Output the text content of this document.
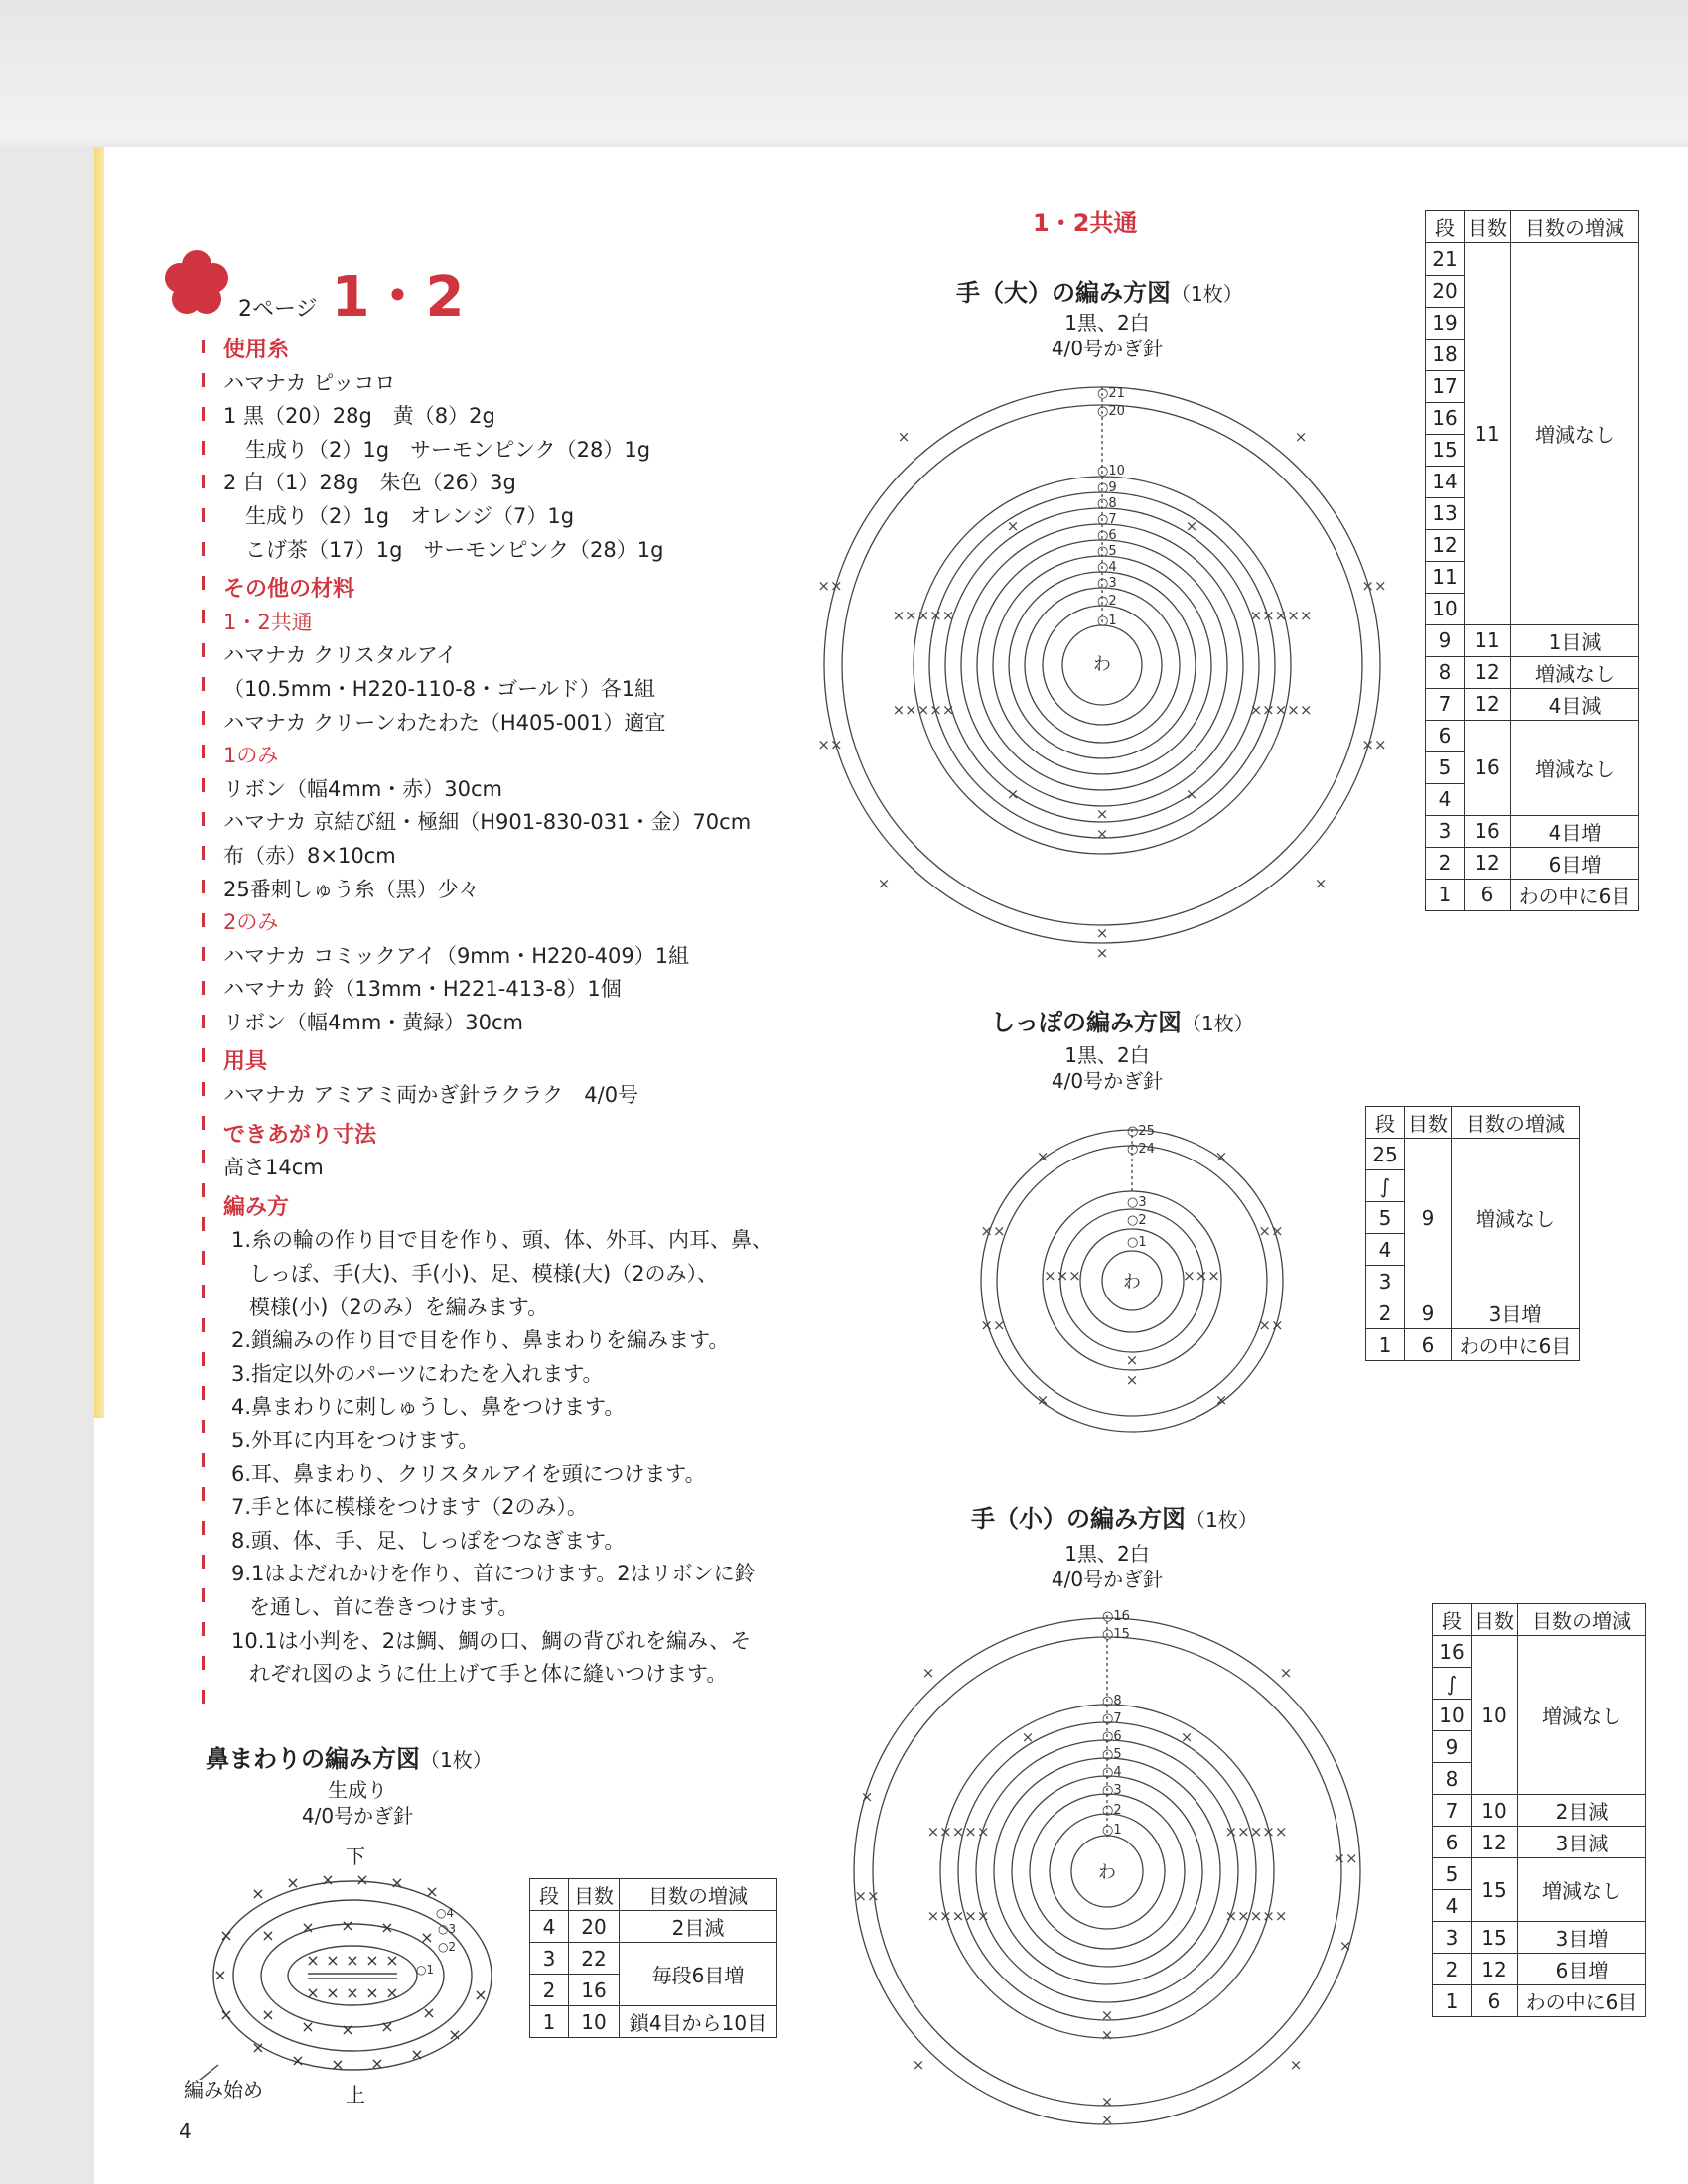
2ページ 1・2
使用糸
ハマナカ ピッコロ
1 黒（20）28g　黄（8）2g
生成り（2）1g　サーモンピンク（28）1g
2 白（1）28g　朱色（26）3g
生成り（2）1g　オレンジ（7）1g
こげ茶（17）1g　サーモンピンク（28）1g
その他の材料
1・2共通
ハマナカ クリスタルアイ
（10.5mm・H220-110-8・ゴールド）各1組
ハマナカ クリーンわたわた（H405-001）適宜
1のみ
リボン（幅4mm・赤）30cm
ハマナカ 京結び紐・極細（H901-830-031・金）70cm
布（赤）8×10cm
25番刺しゅう糸（黒）少々
2のみ
ハマナカ コミックアイ（9mm・H220-409）1組
ハマナカ 鈴（13mm・H221-413-8）1個
リボン（幅4mm・黄緑）30cm
用具
ハマナカ アミアミ両かぎ針ラクラク　4/0号
できあがり寸法
高さ14cm
編み方
1.糸の輪の作り目で目を作り、頭、体、外耳、内耳、鼻、
しっぽ、手(大)、手(小)、足、模様(大)（2のみ）、
模様(小)（2のみ）を編みます。
2.鎖編みの作り目で目を作り、鼻まわりを編みます。
3.指定以外のパーツにわたを入れます。
4.鼻まわりに刺しゅうし、鼻をつけます。
5.外耳に内耳をつけます。
6.耳、鼻まわり、クリスタルアイを頭につけます。
7.手と体に模様をつけます（2のみ）。
8.頭、体、手、足、しっぽをつなぎます。
9.1はよだれかけを作り、首につけます。2はリボンに鈴
を通し、首に巻きつけます。
10.1は小判を、2は鯛、鯛の口、鯛の背びれを編み、そ
れぞれ図のように仕上げて手と体に縫いつけます。
鼻まわりの編み方図（1枚）
生成り
4/0号かぎ針
下
上
編み始め
×
× × × × ×
×
×
×
×
× × × ×
×
×
× × × ×
×
×
× × ×
×
× × × × ×
× × × × ×
○4
○3
○2
○1
段	目数	目数の増減
4	20	2目減
3	22	毎段6目増
2	16	
1	10	鎖4目から10目
1・2共通
手（大）の編み方図（1枚）
1黒、2白
4/0号かぎ針
○21
○20
○10
○9
○8
○7
○6
○5
○4
○3
○2
○1
わ
××	××
××	××
×	×
×	×
×
×
×××××	×××××
×××××	×××××
×
×
×	×
×	×
段	目数	目数の増減
21	11	増減なし
20		
19		
18		
17		
16		
15		
14		
13		
12		
11		
10		
9	11	1目減
8	12	増減なし
7	12	4目減
6	16	増減なし
5		
4		
3	16	4目増
2	12	6目増
1	6	わの中に6目
しっぽの編み方図（1枚）
1黒、2白
4/0号かぎ針
○25
○24
○3
○2
○1
わ
××	××
××	××
×	×
×	×
×××	×××
×
×
段	目数	目数の増減
25	9	増減なし
∫		
5		
4		
3		
2	9	3目増
1	6	わの中に6目
手（小）の編み方図（1枚）
1黒、2白
4/0号かぎ針
○16
○15
○8
○7
○6
○5
○4
○3
○2
○1
わ
××
××
×
×
×	×
×	×
×
×
×××××	×××××
×××××	×××××
×
×
×	×
段	目数	目数の増減
16	10	増減なし
∫		
10		
9		
8		
7	10	2目減
6	12	3目減
5	15	増減なし
4		
3	15	3目増
2	12	6目増
1	6	わの中に6目
4
